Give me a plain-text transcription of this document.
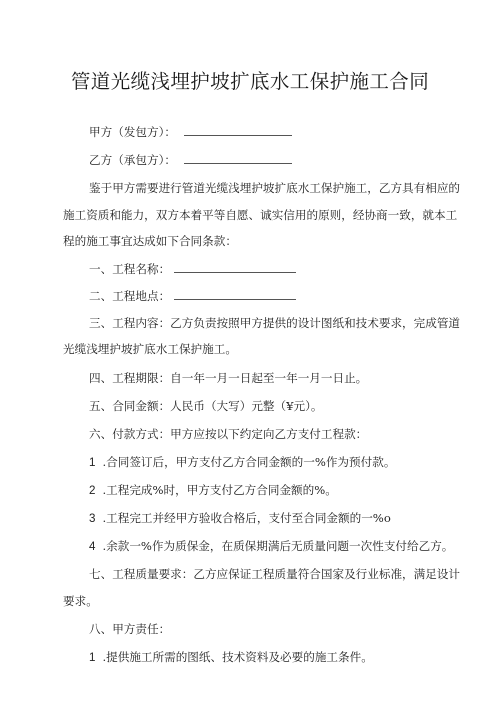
管道光缆浅埋护坡扩底水工保护施工合同
甲方（发包方）：
乙方（承包方）：
鉴于甲方需要进行管道光缆浅埋护坡扩底水工保护施工，乙方具有相应的
施工资质和能力，双方本着平等自愿、诚实信用的原则，经协商一致，就本工
程的施工事宜达成如下合同条款：
一、工程名称：
二、工程地点：
三、工程内容：乙方负责按照甲方提供的设计图纸和技术要求，完成管道
光缆浅埋护坡扩底水工保护施工。
四、工程期限：自一年一月一日起至一年一月一日止。
五、合同金额：人民币（大写）元整（¥元）。
六、付款方式：甲方应按以下约定向乙方支付工程款：
1 .合同签订后，甲方支付乙方合同金额的一%作为预付款。
2 .工程完成%时，甲方支付乙方合同金额的%。
3 .工程完工并经甲方验收合格后，支付至合同金额的一%o
4 .余款一%作为质保金，在质保期满后无质量问题一次性支付给乙方。
七、工程质量要求：乙方应保证工程质量符合国家及行业标准，满足设计
要求。
八、甲方责任：
1 .提供施工所需的图纸、技术资料及必要的施工条件。
